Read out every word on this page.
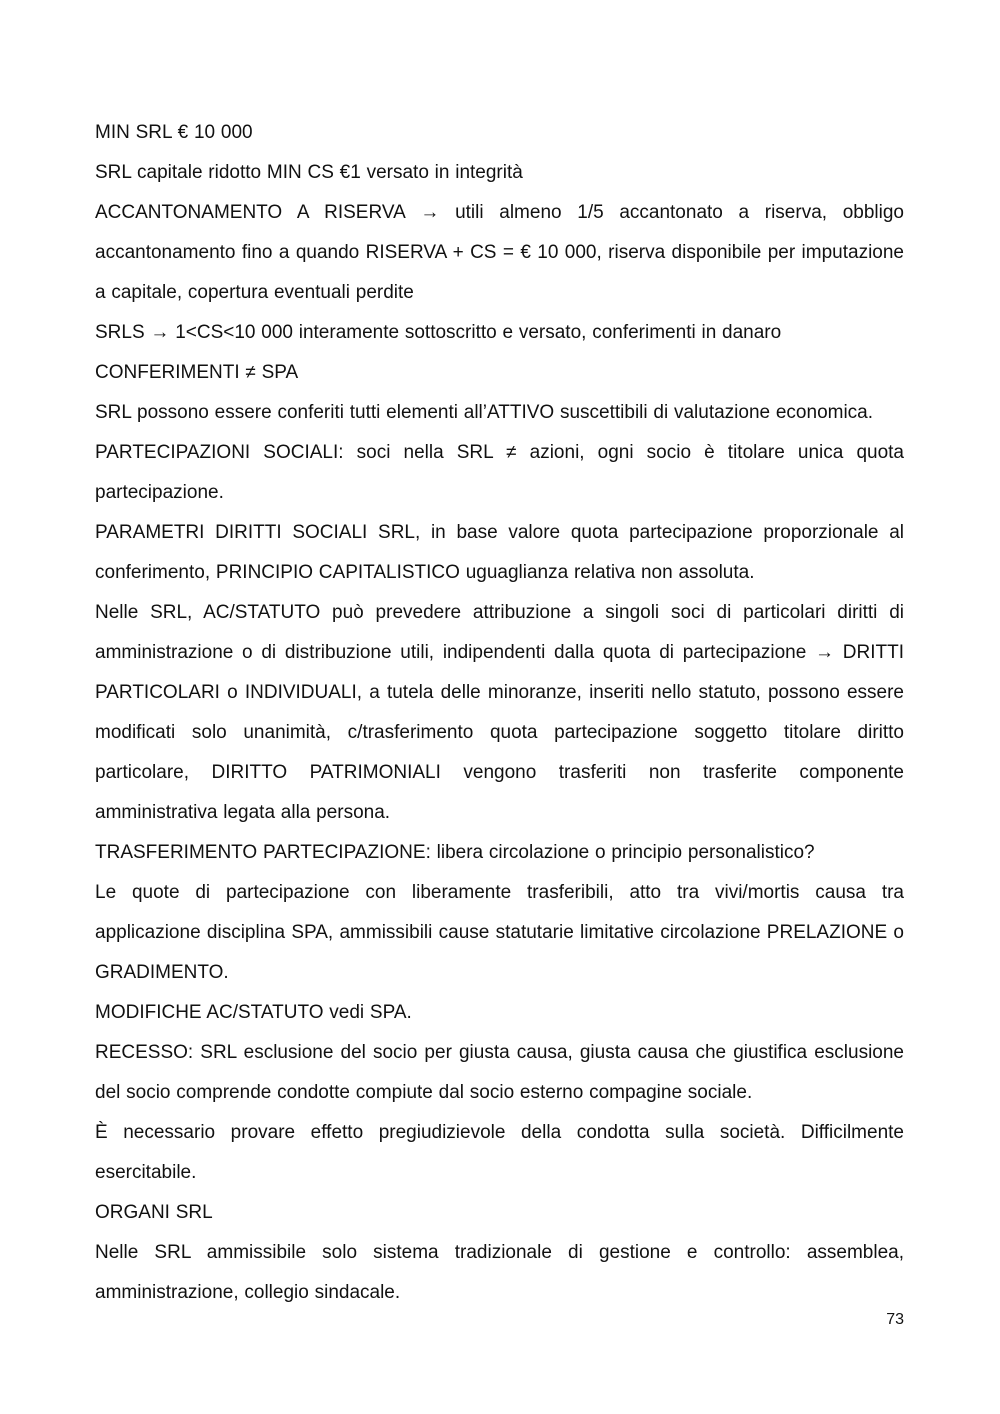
MIN SRL € 10 000

SRL capitale ridotto MIN CS €1 versato in integrità

ACCANTONAMENTO A RISERVA → utili almeno 1/5 accantonato a riserva, obbligo accantonamento fino a quando RISERVA + CS = € 10 000, riserva disponibile per imputazione a capitale, copertura eventuali perdite

SRLS → 1<CS<10 000 interamente sottoscritto e versato, conferimenti in danaro

CONFERIMENTI ≠ SPA

SRL possono essere conferiti tutti elementi all’ATTIVO suscettibili di valutazione economica.

PARTECIPAZIONI SOCIALI: soci nella SRL ≠ azioni, ogni socio è titolare unica quota partecipazione.

PARAMETRI DIRITTI SOCIALI SRL, in base valore quota partecipazione proporzionale al conferimento, PRINCIPIO CAPITALISTICO uguaglianza relativa non assoluta.

Nelle SRL, AC/STATUTO può prevedere attribuzione a singoli soci di particolari diritti di amministrazione o di distribuzione utili, indipendenti dalla quota di partecipazione → DRITTI PARTICOLARI o INDIVIDUALI, a tutela delle minoranze, inseriti nello statuto, possono essere modificati solo unanimità, c/trasferimento quota partecipazione soggetto titolare diritto particolare, DIRITTO PATRIMONIALI vengono trasferiti non trasferite componente amministrativa legata alla persona.

TRASFERIMENTO PARTECIPAZIONE: libera circolazione o principio personalistico?

Le quote di partecipazione con liberamente trasferibili, atto tra vivi/mortis causa tra applicazione disciplina SPA, ammissibili cause statutarie limitative circolazione PRELAZIONE o GRADIMENTO.

MODIFICHE AC/STATUTO vedi SPA.

RECESSO: SRL esclusione del socio per giusta causa, giusta causa che giustifica esclusione del socio comprende condotte compiute dal socio esterno compagine sociale.

È necessario provare effetto pregiudizievole della condotta sulla società. Difficilmente esercitabile.

ORGANI SRL

Nelle SRL ammissibile solo sistema tradizionale di gestione e controllo: assemblea, amministrazione, collegio sindacale.

73
